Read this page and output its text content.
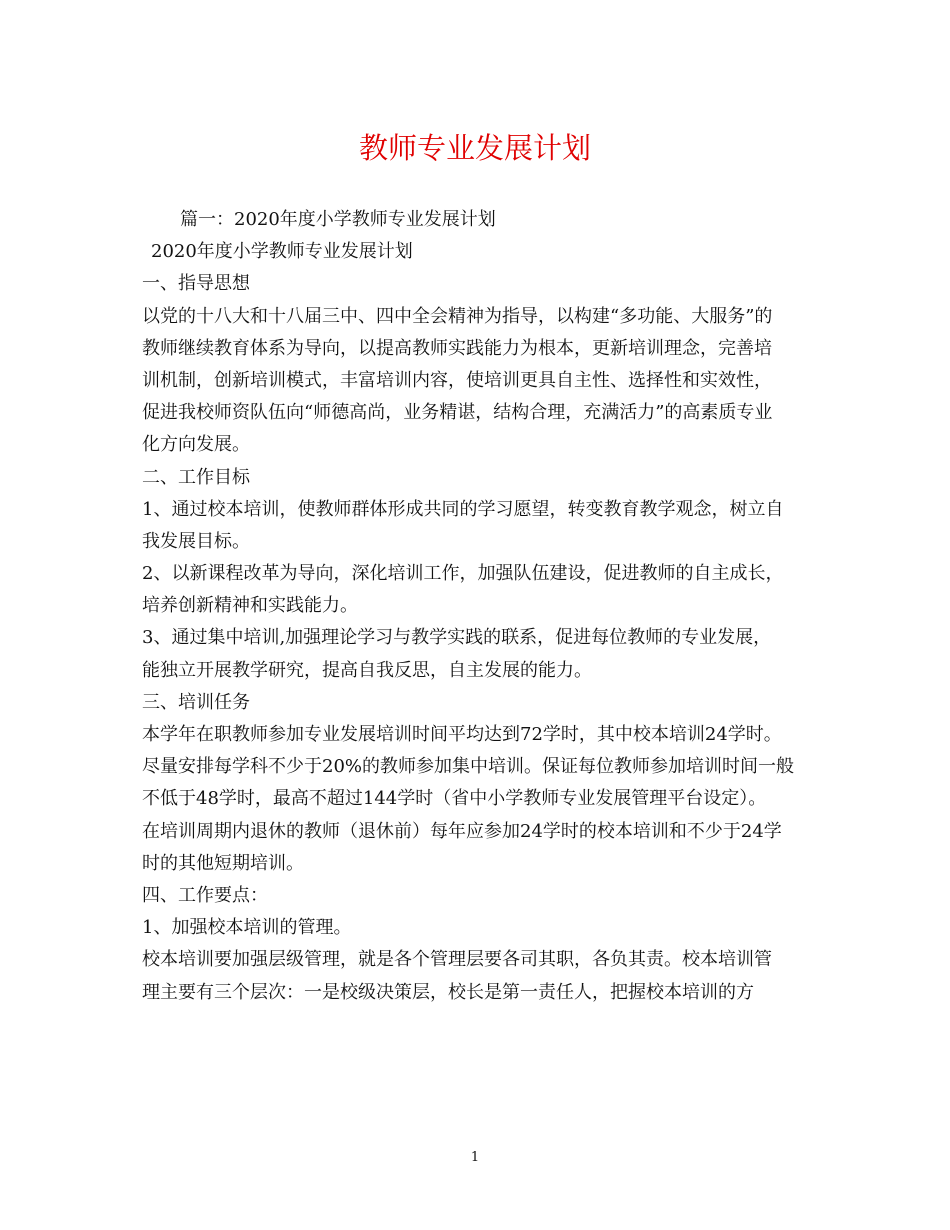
教师专业发展计划
篇一：2020年度小学教师专业发展计划
2020年度小学教师专业发展计划
一、指导思想
以党的十八大和十八届三中、四中全会精神为指导，以构建“多功能、大服务”的
教师继续教育体系为导向，以提高教师实践能力为根本，更新培训理念，完善培
训机制，创新培训模式，丰富培训内容，使培训更具自主性、选择性和实效性，
促进我校师资队伍向“师德高尚，业务精谌，结构合理，充满活力”的高素质专业
化方向发展。
二、工作目标
1、通过校本培训，使教师群体形成共同的学习愿望，转变教育教学观念，树立自
我发展目标。
2、以新课程改革为导向，深化培训工作，加强队伍建设，促进教师的自主成长，
培养创新精神和实践能力。
3、通过集中培训,加强理论学习与教学实践的联系，促进每位教师的专业发展，
能独立开展教学研究，提高自我反思，自主发展的能力。
三、培训任务
本学年在职教师参加专业发展培训时间平均达到72学时，其中校本培训24学时。
尽量安排每学科不少于20%的教师参加集中培训。保证每位教师参加培训时间一般
不低于48学时，最高不超过144学时（省中小学教师专业发展管理平台设定）。
在培训周期内退休的教师（退休前）每年应参加24学时的校本培训和不少于24学
时的其他短期培训。
四、工作要点：
1、加强校本培训的管理。
校本培训要加强层级管理，就是各个管理层要各司其职，各负其责。校本培训管
理主要有三个层次：一是校级决策层，校长是第一责任人，把握校本培训的方
1
